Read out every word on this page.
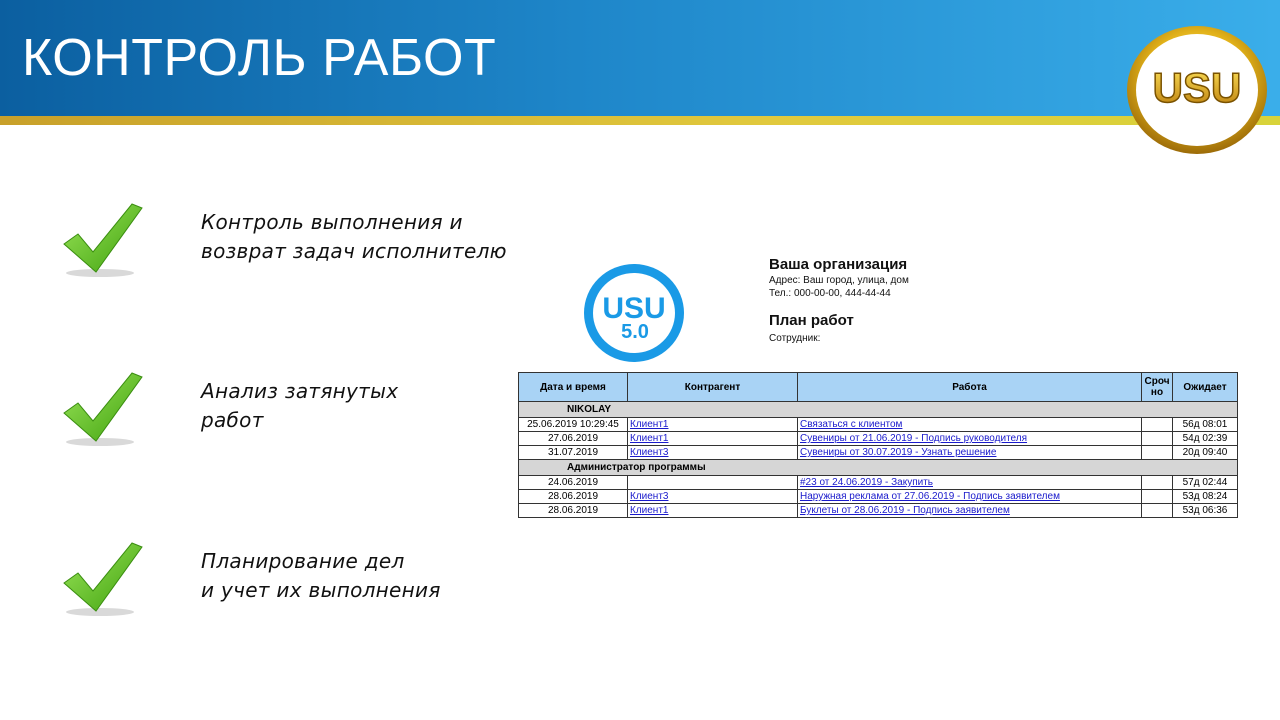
КОНТРОЛЬ РАБОТ
USU
Контроль выполнения и
возврат задач исполнителю
Анализ затянутых
работ
Планирование дел
и учет их выполнения
USU
5.0
Ваша организация
Адрес: Ваш город, улица, дом
Тел.: 000-00-00, 444-44-44
План работ
Сотрудник:
Дата и время	Контрагент	Работа	Сроч но	Ожидает
NIKOLAY				
25.06.2019 10:29:45	Клиент1	Связаться с клиентом		56д 08:01
27.06.2019	Клиент1	Сувениры от 21.06.2019 - Подпись руководителя		54д 02:39
31.07.2019	Клиент3	Сувениры от 30.07.2019 - Узнать решение		20д 09:40
Администратор программы				
24.06.2019		#23 от 24.06.2019 - Закупить		57д 02:44
28.06.2019	Клиент3	Наружная реклама от 27.06.2019 - Подпись заявителем		53д 08:24
28.06.2019	Клиент1	Буклеты от 28.06.2019 - Подпись заявителем		53д 06:36
